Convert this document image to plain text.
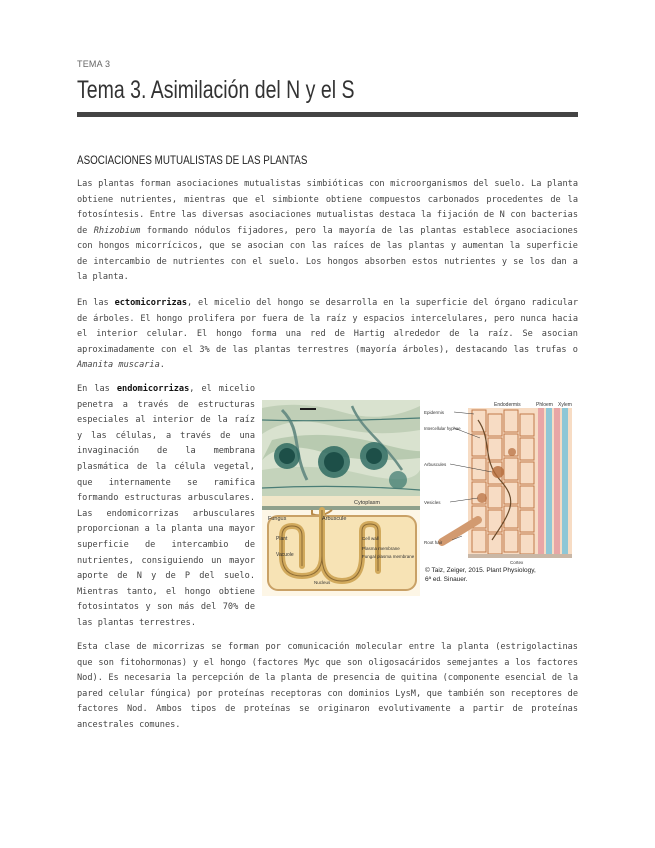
TEMA 3
Tema 3. Asimilación del N y el S
ASOCIACIONES MUTUALISTAS DE LAS PLANTAS

Las plantas forman asociaciones mutualistas simbióticas con microorganismos del suelo. La planta obtiene nutrientes, mientras que el simbionte obtiene compuestos carbonados procedentes de la fotosíntesis. Entre las diversas asociaciones mutualistas destaca la fijación de N con bacterias de Rhizobium formando nódulos fijadores, pero la mayoría de las plantas establece asociaciones con hongos micorrícicos, que se asocian con las raíces de las plantas y aumentan la superficie de intercambio de nutrientes con el suelo. Los hongos absorben estos nutrientes y se los dan a la planta.

En las ectomicorrizas, el micelio del hongo se desarrolla en la superficie del órgano radicular de árboles. El hongo prolifera por fuera de la raíz y espacios intercelulares, pero nunca hacia el interior celular. El hongo forma una red de Hartig alrededor de la raíz. Se asocian aproximadamente con el 3% de las plantas terrestres (mayoría árboles), destacando las trufas o Amanita muscaria.

En las endomicorrizas, el micelio penetra a través de estructuras especiales al interior de la raíz y las células, a través de una invaginación de la membrana plasmática de la célula vegetal, que internamente se ramifica formando estructuras arbusculares. Las endomicorrizas arbusculares proporcionan a la planta una mayor superficie de intercambio de nutrientes, consiguiendo un mayor aporte de N y de P del suelo. Mientras tanto, el hongo obtiene fotosintatos y son más del 70% de las plantas terrestres.

Cytoplasm
Fungus	Arbuscule
Plant
Vacuole
Cell wall
Plasma membrane
Fungal plasma membrane
Nucleus
Endodermis	Phloem Xylem
Epidermis
Intercellular hyphae
Arbuscules
Vesicles
Root hair
Cortex
© Taiz, Zeiger, 2015. Plant Physiology,
6ª ed. Sinauer.

Esta clase de micorrizas se forman por comunicación molecular entre la planta (estrigolactinas que son fitohormonas) y el hongo (factores Myc que son oligosacáridos semejantes a los factores Nod). Es necesaria la percepción de la planta de presencia de quitina (componente esencial de la pared celular fúngica) por proteínas receptoras con dominios LysM, que también son receptores de factores Nod. Ambos tipos de proteínas se originaron evolutivamente a partir de proteínas ancestrales comunes.
